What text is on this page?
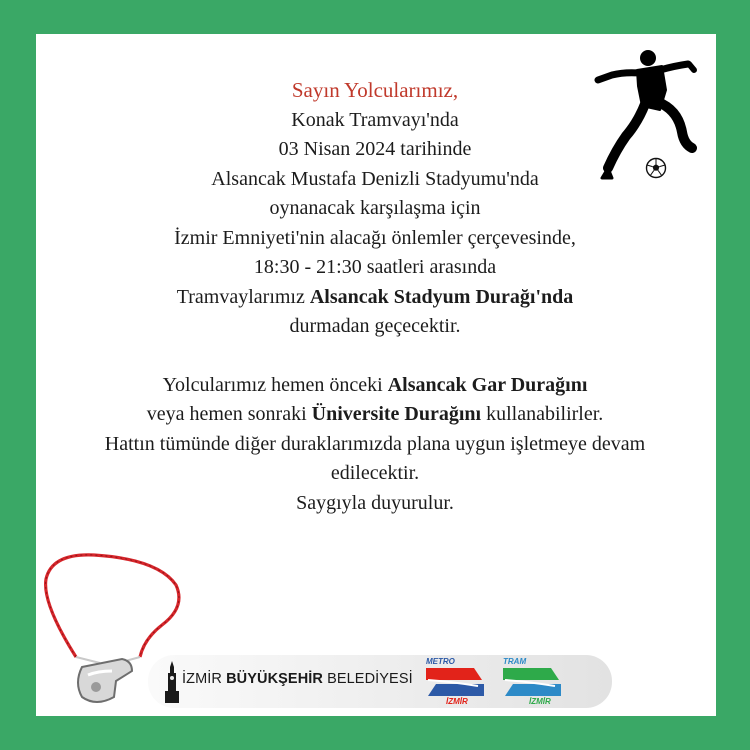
Sayın Yolcularımız,

Konak Tramvayı'nda

03 Nisan 2024 tarihinde

Alsancak Mustafa Denizli Stadyumu'nda

oynanacak karşılaşma için

İzmir Emniyeti'nin alacağı önlemler çerçevesinde,

18:30 - 21:30 saatleri arasında

Tramvaylarımız Alsancak Stadyum Durağı'nda

durmadan geçecektir.

Yolcularımız hemen önceki Alsancak Gar Durağını

veya hemen sonraki Üniversite Durağını kullanabilirler.

Hattın tümünde diğer duraklarımızda plana uygun işletmeye devam

edilecektir.

Saygıyla duyurulur.

İZMİR BÜYÜKŞEHİR BELEDİYESİ
METRO
İZMİR
TRAM
İZMİR
